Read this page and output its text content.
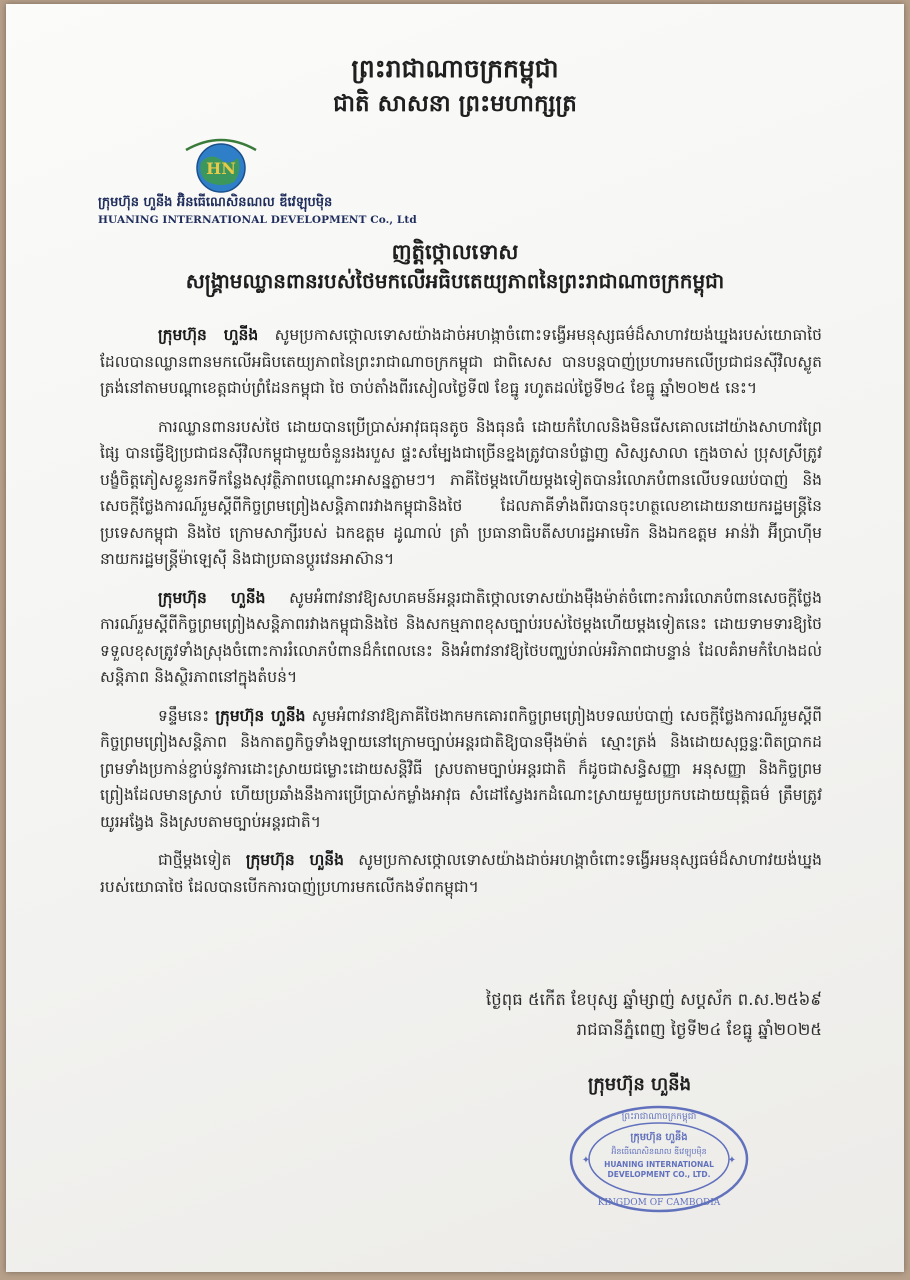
ព្រះរាជាណាចក្រកម្ពុជា
ជាតិ សាសនា ព្រះមហាក្សត្រ
HN
ក្រុមហ៊ុន ហួនីង អ៊ិនធើណេសិនណល ឌីវេឡុបម៉ិន
HUANING INTERNATIONAL DEVELOPMENT Co., Ltd
ញត្តិថ្កោលទោស
សង្គ្រាមឈ្លានពានរបស់ថៃមកលើអធិបតេយ្យភាពនៃព្រះរាជាណាចក្រកម្ពុជា

ក្រុមហ៊ុន ហួនីង សូមប្រកាសថ្កោលទោសយ៉ាងដាច់អហង្កាចំពោះទង្វើអមនុស្សធម៌ដ៏សាហាវយង់ឃ្នងរបស់យោធាថៃ ដែលបានឈ្លានពានមកលើអធិបតេយ្យភាពនៃព្រះរាជាណាចក្រកម្ពុជា ជាពិសេស បានបន្តបាញ់ប្រហារមកលើប្រជាជនស៊ីវិលស្លូតត្រង់នៅតាមបណ្តាខេត្តជាប់ព្រំដែនកម្ពុជា ថៃ ចាប់តាំងពីរសៀលថ្ងៃទី៧ ខែធ្នូ រហូតដល់ថ្ងៃទី២៤ ខែធ្នូ ឆ្នាំ២០២៥ នេះ។

ការឈ្លានពានរបស់ថៃ ដោយបានប្រើប្រាស់អាវុធធុនតូច និងធុនធំ ដោយកំហែលនិងមិនរើសគោលដៅយ៉ាងសាហាវព្រៃផ្សៃ បានធ្វើឱ្យប្រជាជនស៊ីវិលកម្ពុជាមួយចំនួនរងរបួស ផ្ទះសម្បែងជាច្រើនខ្នងត្រូវបានបំផ្លាញ សិស្សសាលា ក្មេងចាស់ ប្រុសស្រីត្រូវបង្ខំចិត្តភៀសខ្លួនរកទីកន្លែងសុវត្ថិភាពបណ្តោះអាសន្នភ្លាមៗ។ ភាគីថៃម្តងហើយម្តងទៀតបានរំលោភបំពានលើបទឈប់បាញ់ និងសេចក្តីថ្លែងការណ៍រួមស្តីពីកិច្ចព្រមព្រៀងសន្តិភាពរវាងកម្ពុជានិងថៃ ដែលភាគីទាំងពីរបានចុះហត្ថលេខាដោយនាយករដ្ឋមន្ត្រីនៃប្រទេសកម្ពុជា និងថៃ ក្រោមសាក្សីរបស់ ឯកឧត្តម ដូណាល់ ត្រាំ ប្រធានាធិបតីសហរដ្ឋអាមេរិក និងឯកឧត្តម អាន់វ៉ា អ៊ីប្រាហ៊ីម នាយករដ្ឋមន្ត្រីម៉ាឡេស៊ី និងជាប្រធានប្តូរវេនអាស៊ាន។

ក្រុមហ៊ុន ហួនីង សូមអំពាវនាវឱ្យសហគមន៍អន្តរជាតិថ្កោលទោសយ៉ាងម៉ឺងម៉ាត់ចំពោះការរំលោភបំពានសេចក្តីថ្លែងការណ៍រួមស្តីពីកិច្ចព្រមព្រៀងសន្តិភាពរវាងកម្ពុជានិងថៃ និងសកម្មភាពខុសច្បាប់របស់ថៃម្តងហើយម្តងទៀតនេះ ដោយទាមទារឱ្យថៃទទួលខុសត្រូវទាំងស្រុងចំពោះការរំលោភបំពានដ៏កំពេលនេះ និងអំពាវនាវឱ្យថៃបញ្ឈប់រាល់អរិភាពជាបន្ទាន់ ដែលគំរាមកំហែងដល់សន្តិភាព និងស្ថិរភាពនៅក្នុងតំបន់។

ទន្ទឹមនេះ ក្រុមហ៊ុន ហួនីង សូមអំពាវនាវឱ្យភាគីថៃងាកមកគោរពកិច្ចព្រមព្រៀងបទឈប់បាញ់ សេចក្តីថ្លែងការណ៍រួមស្តីពីកិច្ចព្រមព្រៀងសន្តិភាព និងកាតព្វកិច្ចទាំងឡាយនៅក្រោមច្បាប់អន្តរជាតិឱ្យបានម៉ឺងម៉ាត់ ស្មោះត្រង់ និងដោយសុច្ឆន្ទៈពិតប្រាកដ ព្រមទាំងប្រកាន់ខ្ជាប់នូវការដោះស្រាយជម្លោះដោយសន្តិវិធី ស្របតាមច្បាប់អន្តរជាតិ ក៏ដូចជាសន្ធិសញ្ញា អនុសញ្ញា និងកិច្ចព្រមព្រៀងដែលមានស្រាប់ ហើយប្រឆាំងនឹងការប្រើប្រាស់កម្លាំងអាវុធ សំដៅស្វែងរកដំណោះស្រាយមួយប្រកបដោយយុត្តិធម៌ ត្រឹមត្រូវ យូរអង្វែង និងស្របតាមច្បាប់អន្តរជាតិ។

ជាថ្មីម្តងទៀត ក្រុមហ៊ុន ហួនីង សូមប្រកាសថ្កោលទោសយ៉ាងដាច់អហង្កាចំពោះទង្វើអមនុស្សធម៌ដ៏សាហាវយង់ឃ្នងរបស់យោធាថៃ ដែលបានបើកការបាញ់ប្រហារមកលើកងទ័ពកម្ពុជា។

ថ្ងៃពុធ ៥កើត ខែបុស្ស ឆ្នាំម្សាញ់ សប្តស័ក ព.ស.២៥៦៩
រាជធានីភ្នំពេញ ថ្ងៃទី២៤ ខែធ្នូ ឆ្នាំ២០២៥
ក្រុមហ៊ុន ហួនីង
ព្រះរាជាណាចក្រកម្ពុជា
ក្រុមហ៊ុន ហួនីង
អ៊ិនធើណេសិនណល ឌីវេឡុបម៉ិន
HUANING INTERNATIONAL
DEVELOPMENT CO., LTD.
KINGDOM OF CAMBODIA
✦	✦
